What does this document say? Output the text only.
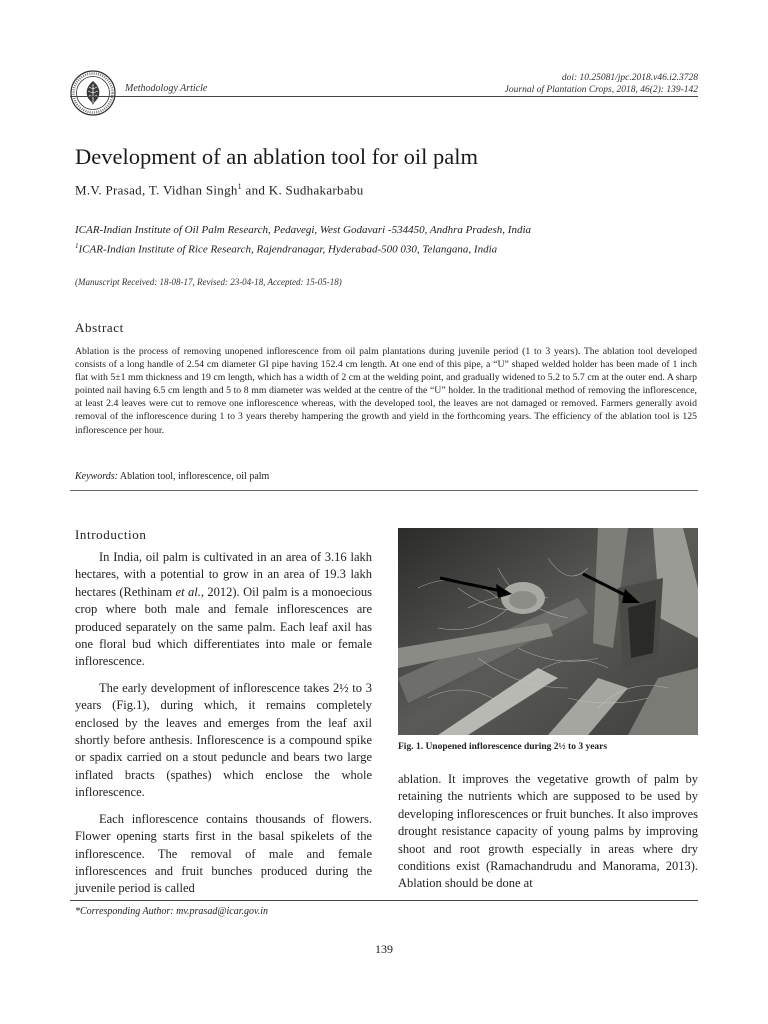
Methodology Article
doi: 10.25081/jpc.2018.v46.i2.3728
Journal of Plantation Crops, 2018, 46(2): 139-142
Development of an ablation tool for oil palm
M.V. Prasad, T. Vidhan Singh$^1$ and K. Sudhakarbabu
ICAR-Indian Institute of Oil Palm Research, Pedavegi, West Godavari -534450, Andhra Pradesh, India
$^1$ICAR-Indian Institute of Rice Research, Rajendranagar, Hyderabad-500 030, Telangana, India
(Manuscript Received: 18-08-17, Revised: 23-04-18, Accepted: 15-05-18)
Abstract
Ablation is the process of removing unopened inflorescence from oil palm plantations during juvenile period (1 to 3 years). The ablation tool developed consists of a long handle of 2.54 cm diameter GI pipe having 152.4 cm length. At one end of this pipe, a “U” shaped welded holder has been made of 1 inch flat with 5±1 mm thickness and 19 cm length, which has a width of 2 cm at the welding point, and gradually widened to 5.2 to 5.7 cm at the outer end. A sharp pointed nail having 6.5 cm length and 5 to 8 mm diameter was welded at the centre of the “U” holder. In the traditional method of removing the inflorescence, at least 2.4 leaves were cut to remove one inflorescence whereas, with the developed tool, the leaves are not damaged or removed. Farmers generally avoid removal of the inflorescence during 1 to 3 years thereby hampering the growth and yield in the forthcoming years. The efficiency of the ablation tool is 125 inflorescence per hour.
Keywords: Ablation tool, inflorescence, oil palm
Introduction

In India, oil palm is cultivated in an area of 3.16 lakh hectares, with a potential to grow in an area of 19.3 lakh hectares (Rethinam et al., 2012). Oil palm is a monoecious crop where both male and female inflorescences are produced separately on the same palm. Each leaf axil has one floral bud which differentiates into male or female inflorescence.

The early development of inflorescence takes 2½ to 3 years (Fig.1), during which, it remains completely enclosed by the leaves and emerges from the leaf axil shortly before anthesis. Inflorescence is a compound spike or spadix carried on a stout peduncle and bears two large inflated bracts (spathes) which enclose the whole inflorescence.

Each inflorescence contains thousands of flowers. Flower opening starts first in the basal spikelets of the inflorescence. The removal of male and female inflorescences and fruit bunches produced during the juvenile period is called

Fig. 1. Unopened inflorescence during 2½ to 3 years

ablation. It improves the vegetative growth of palm by retaining the nutrients which are supposed to be used by developing inflorescences or fruit bunches. It also improves drought resistance capacity of young palms by improving shoot and root growth especially in areas where dry conditions exist (Ramachandrudu and Manorama, 2013). Ablation should be done at

*Corresponding Author: mv.prasad@icar.gov.in
139
